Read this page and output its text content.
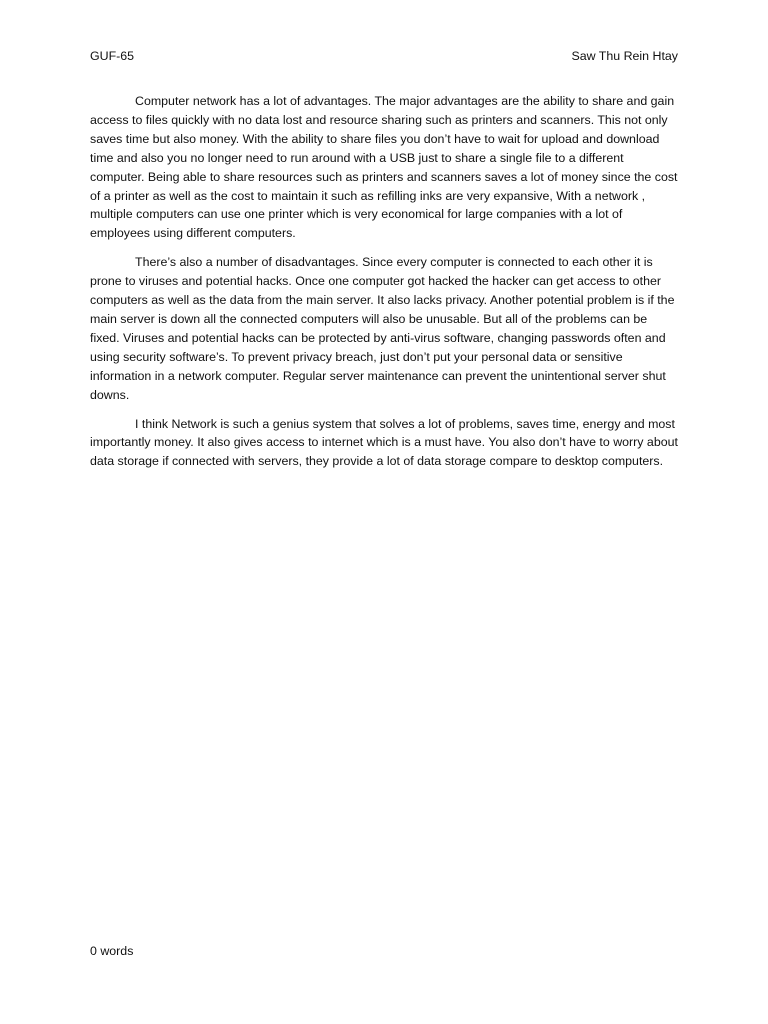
GUF-65	Saw Thu Rein Htay

Computer network has a lot of advantages. The major advantages are the ability to share and gain access to files quickly with no data lost and resource sharing such as printers and scanners. This not only saves time but also money. With the ability to share files you don’t have to wait for upload and download time and also you no longer need to run around with a USB just to share a single file to a different computer. Being able to share resources such as printers and scanners saves a lot of money since the cost of a printer as well as the cost to maintain it such as refilling inks are very expansive, With a network , multiple computers can use one printer which is very economical for large companies with a lot of employees using different computers.

There’s also a number of disadvantages. Since every computer is connected to each other it is prone to viruses and potential hacks. Once one computer got hacked the hacker can get access to other computers as well as the data from the main server. It also lacks privacy. Another potential problem is if the main server is down all the connected computers will also be unusable. But all of the problems can be fixed. Viruses and potential hacks can be protected by anti-virus software, changing passwords often and using security software’s. To prevent privacy breach, just don’t put your personal data or sensitive information in a network computer. Regular server maintenance can prevent the unintentional server shut downs.

I think Network is such a genius system that solves a lot of problems, saves time, energy and most importantly money. It also gives access to internet which is a must have. You also don’t have to worry about data storage if connected with servers, they provide a lot of data storage compare to desktop computers.

0 words
